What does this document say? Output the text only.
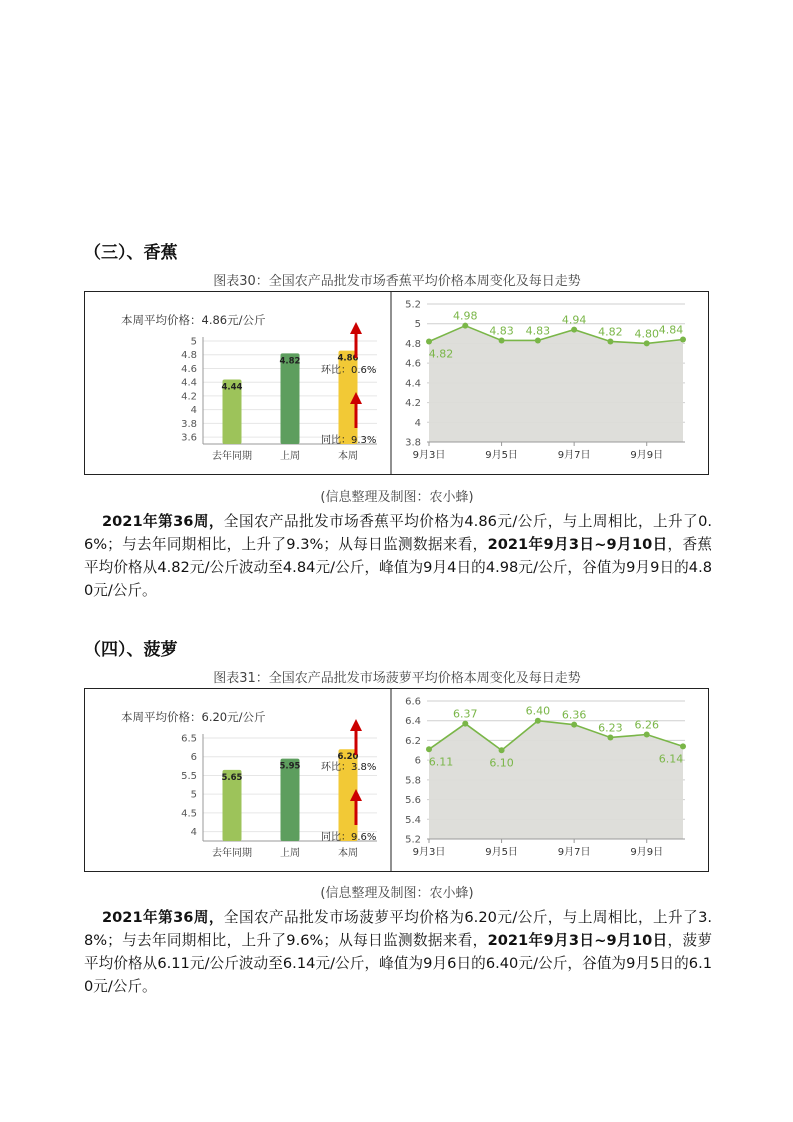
（三）、香蕉
图表30：全国农产品批发市场香蕉平均价格本周变化及每日走势
本周平均价格：4.86元/公斤
5
4.8
4.6
4.4
4.2
4
3.8
3.6
4.44
去年同期
4.82
上周
4.86
本周
环比：0.6%
同比：9.3%
5.2
5
4.8
4.6
4.4
4.2
4
3.8
4.82
4.98
4.83 4.83
4.94
4.82 4.80 4.84
9月3日	9月5日	9月7日	9月9日
(信息整理及制图：农小蜂)
2021年第36周，全国农产品批发市场香蕉平均价格为4.86元/公斤，与上周相比，上升了0.6%；与去年同期相比，上升了9.3%；从每日监测数据来看，2021年9月3日~9月10日，香蕉平均价格从4.82元/公斤波动至4.84元/公斤，峰值为9月4日的4.98元/公斤，谷值为9月9日的4.80元/公斤。
（四）、菠萝
图表31：全国农产品批发市场菠萝平均价格本周变化及每日走势
本周平均价格：6.20元/公斤
6.5
6
5.5
5
4.5
4
5.65
去年同期
5.95
上周
6.20
本周
环比：3.8%
同比：9.6%
6.6
6.4
6.2
6
5.8
5.6
5.4
5.2
6.11
6.37
6.10
6.40 6.36
6.23 6.26
6.14
9月3日	9月5日	9月7日	9月9日
(信息整理及制图：农小蜂)
2021年第36周，全国农产品批发市场菠萝平均价格为6.20元/公斤，与上周相比，上升了3.8%；与去年同期相比，上升了9.6%；从每日监测数据来看，2021年9月3日~9月10日，菠萝平均价格从6.11元/公斤波动至6.14元/公斤，峰值为9月6日的6.40元/公斤，谷值为9月5日的6.10元/公斤。
